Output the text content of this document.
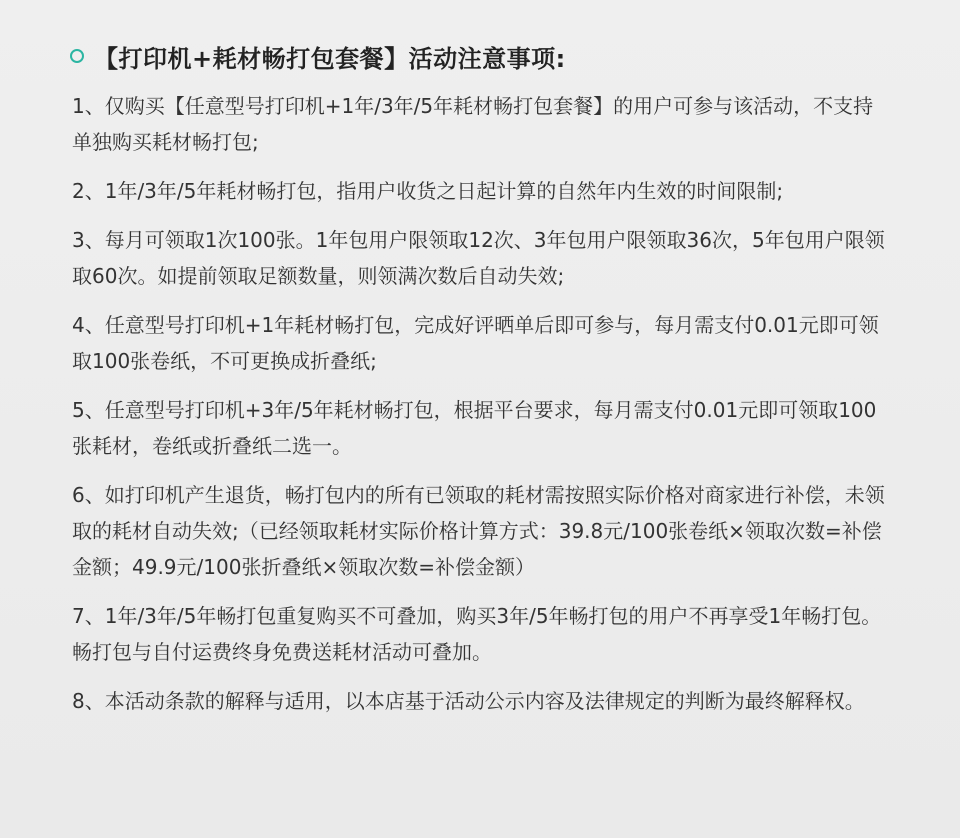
【打印机+耗材畅打包套餐】活动注意事项:
1、仅购买【任意型号打印机+1年/3年/5年耗材畅打包套餐】的用户可参与该活动，不支持单独购买耗材畅打包;
2、1年/3年/5年耗材畅打包，指用户收货之日起计算的自然年内生效的时间限制;
3、每月可领取1次100张。1年包用户限领取12次、3年包用户限领取36次，5年包用户限领取60次。如提前领取足额数量，则领满次数后自动失效;
4、任意型号打印机+1年耗材畅打包，完成好评晒单后即可参与，每月需支付0.01元即可领取100张卷纸，不可更换成折叠纸;
5、任意型号打印机+3年/5年耗材畅打包，根据平台要求，每月需支付0.01元即可领取100张耗材，卷纸或折叠纸二选一。
6、如打印机产生退货，畅打包内的所有已领取的耗材需按照实际价格对商家进行补偿，未领取的耗材自动失效;（已经领取耗材实际价格计算方式：39.8元/100张卷纸×领取次数=补偿金额；49.9元/100张折叠纸×领取次数=补偿金额）
7、1年/3年/5年畅打包重复购买不可叠加，购买3年/5年畅打包的用户不再享受1年畅打包。畅打包与自付运费终身免费送耗材活动可叠加。
8、本活动条款的解释与适用，以本店基于活动公示内容及法律规定的判断为最终解释权。
